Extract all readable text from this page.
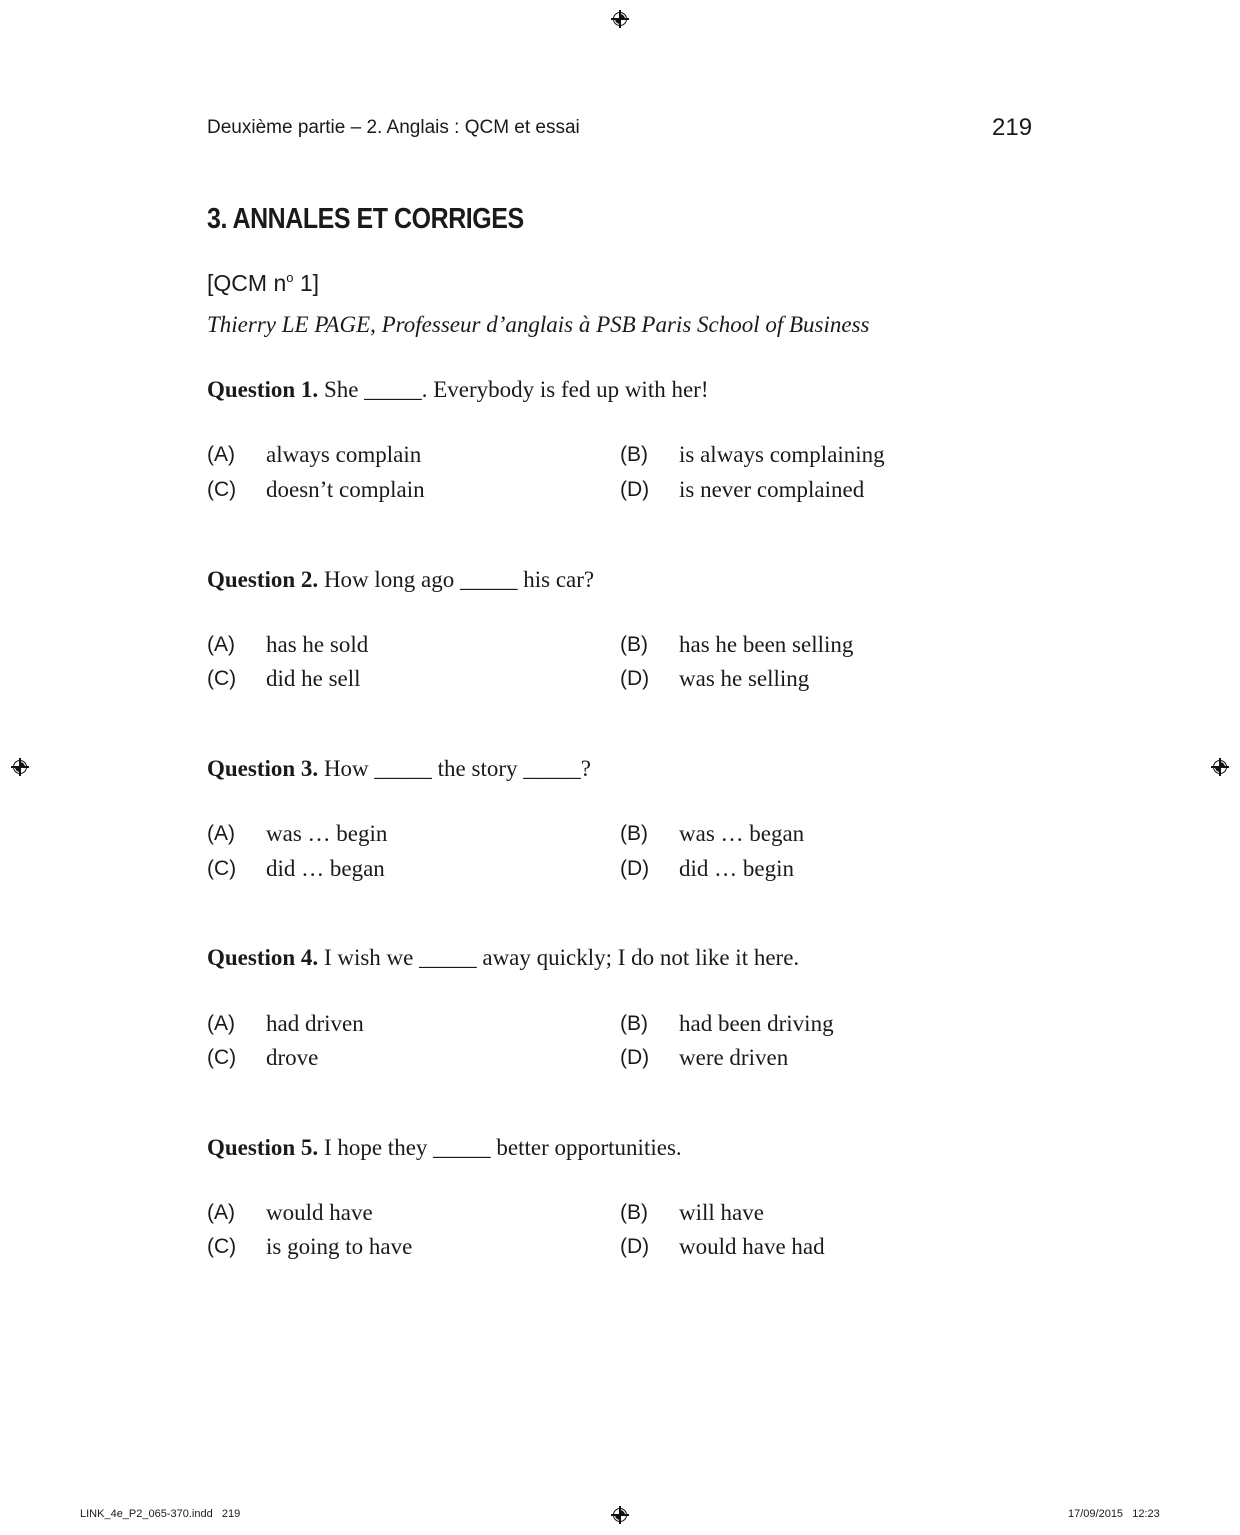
Deuxième partie – 2. Anglais : QCM et essai	219
3. ANNALES ET CORRIGES
[QCM $n^o$ 1]
Thierry LE PAGE, Professeur d’anglais à PSB Paris School of Business
Question 1. She _____. Everybody is fed up with her!
(A) always complain	(B) is always complaining
(C) doesn’t complain	(D) is never complained
Question 2. How long ago _____ his car?
(A) has he sold	(B) has he been selling
(C) did he sell	(D) was he selling
Question 3. How _____ the story _____?
(A) was … begin	(B) was … began
(C) did … began	(D) did … begin
Question 4. I wish we _____ away quickly; I do not like it here.
(A) had driven	(B) had been driving
(C) drove	(D) were driven
Question 5. I hope they _____ better opportunities.
(A) would have	(B) will have
(C) is going to have	(D) would have had
LINK_4e_P2_065-370.indd   219	17/09/2015   12:23
